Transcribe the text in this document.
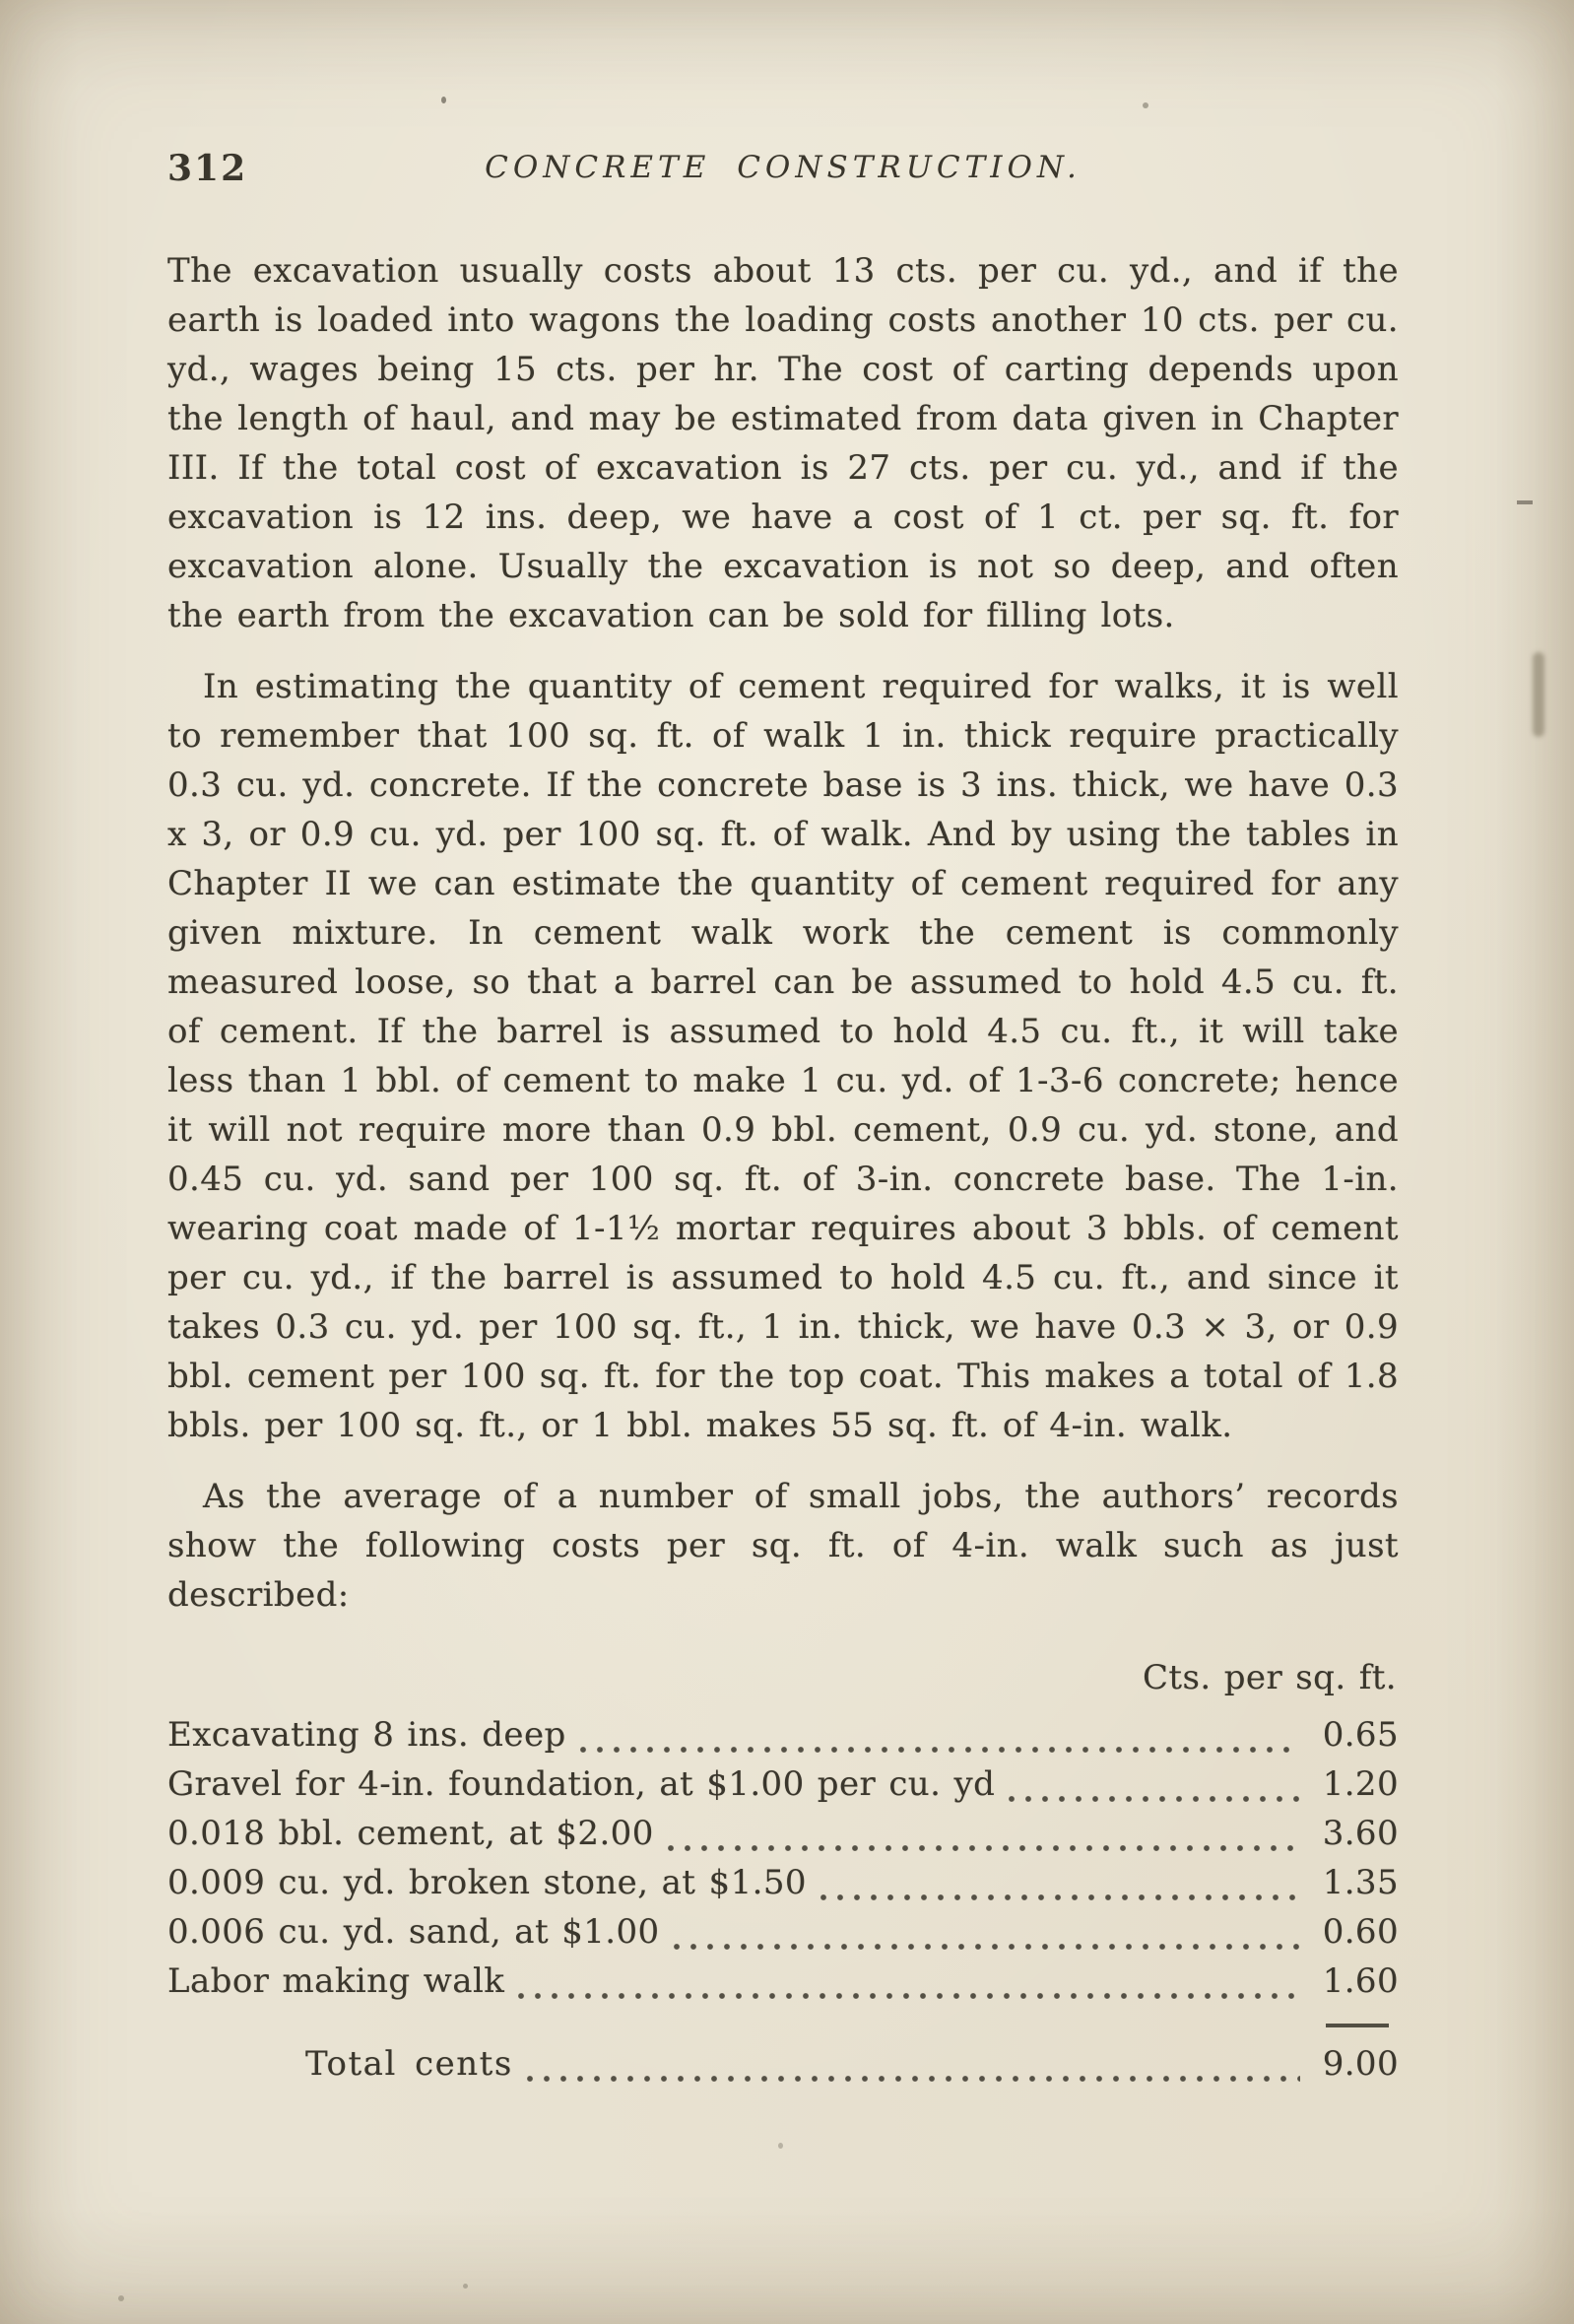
312	CONCRETE CONSTRUCTION.

The excavation usually costs about 13 cts. per cu. yd., and if the earth is loaded into wagons the loading costs another 10 cts. per cu. yd., wages being 15 cts. per hr. The cost of carting depends upon the length of haul, and may be estimated from data given in Chapter III. If the total cost of excavation is 27 cts. per cu. yd., and if the excavation is 12 ins. deep, we have a cost of 1 ct. per sq. ft. for excavation alone. Usually the excavation is not so deep, and often the earth from the excavation can be sold for filling lots.

In estimating the quantity of cement required for walks, it is well to remember that 100 sq. ft. of walk 1 in. thick require practically 0.3 cu. yd. concrete. If the concrete base is 3 ins. thick, we have 0.3 x 3, or 0.9 cu. yd. per 100 sq. ft. of walk. And by using the tables in Chapter II we can estimate the quantity of cement required for any given mixture. In cement walk work the cement is commonly measured loose, so that a barrel can be assumed to hold 4.5 cu. ft. of cement. If the barrel is assumed to hold 4.5 cu. ft., it will take less than 1 bbl. of cement to make 1 cu. yd. of 1-3-6 concrete; hence it will not require more than 0.9 bbl. cement, 0.9 cu. yd. stone, and 0.45 cu. yd. sand per 100 sq. ft. of 3-in. concrete base. The 1-in. wearing coat made of 1-1½ mortar requires about 3 bbls. of cement per cu. yd., if the barrel is assumed to hold 4.5 cu. ft., and since it takes 0.3 cu. yd. per 100 sq. ft., 1 in. thick, we have 0.3 × 3, or 0.9 bbl. cement per 100 sq. ft. for the top coat. This makes a total of 1.8 bbls. per 100 sq. ft., or 1 bbl. makes 55 sq. ft. of 4-in. walk.

As the average of a number of small jobs, the authors’ records show the following costs per sq. ft. of 4-in. walk such as just described:

Cts. per sq. ft.
Excavating 8 ins. deep	0.65
Gravel for 4-in. foundation, at $1.00 per cu. yd	1.20
0.018 bbl. cement, at $2.00	3.60
0.009 cu. yd. broken stone, at $1.50	1.35
0.006 cu. yd. sand, at $1.00	0.60
Labor making walk	1.60
Total cents	9.00
